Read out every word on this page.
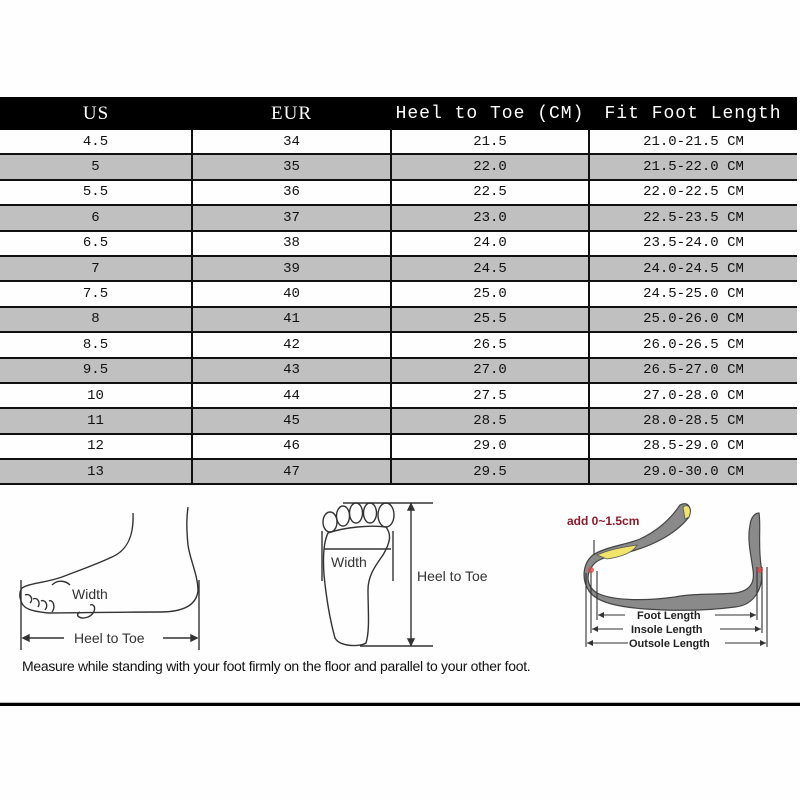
US	EUR	Heel to Toe (CM)	Fit Foot Length
4.5	34	21.5	21.0-21.5 CM
5	35	22.0	21.5-22.0 CM
5.5	36	22.5	22.0-22.5 CM
6	37	23.0	22.5-23.5 CM
6.5	38	24.0	23.5-24.0 CM
7	39	24.5	24.0-24.5 CM
7.5	40	25.0	24.5-25.0 CM
8	41	25.5	25.0-26.0 CM
8.5	42	26.5	26.0-26.5 CM
9.5	43	27.0	26.5-27.0 CM
10	44	27.5	27.0-28.0 CM
11	45	28.5	28.0-28.5 CM
12	46	29.0	28.5-29.0 CM
13	47	29.5	29.0-30.0 CM
Width
Heel to Toe
Width
Heel to Toe
add 0~1.5cm
Foot Length
Insole Length
Outsole Length
Measure while standing with your foot firmly on the floor and parallel to your other foot.
